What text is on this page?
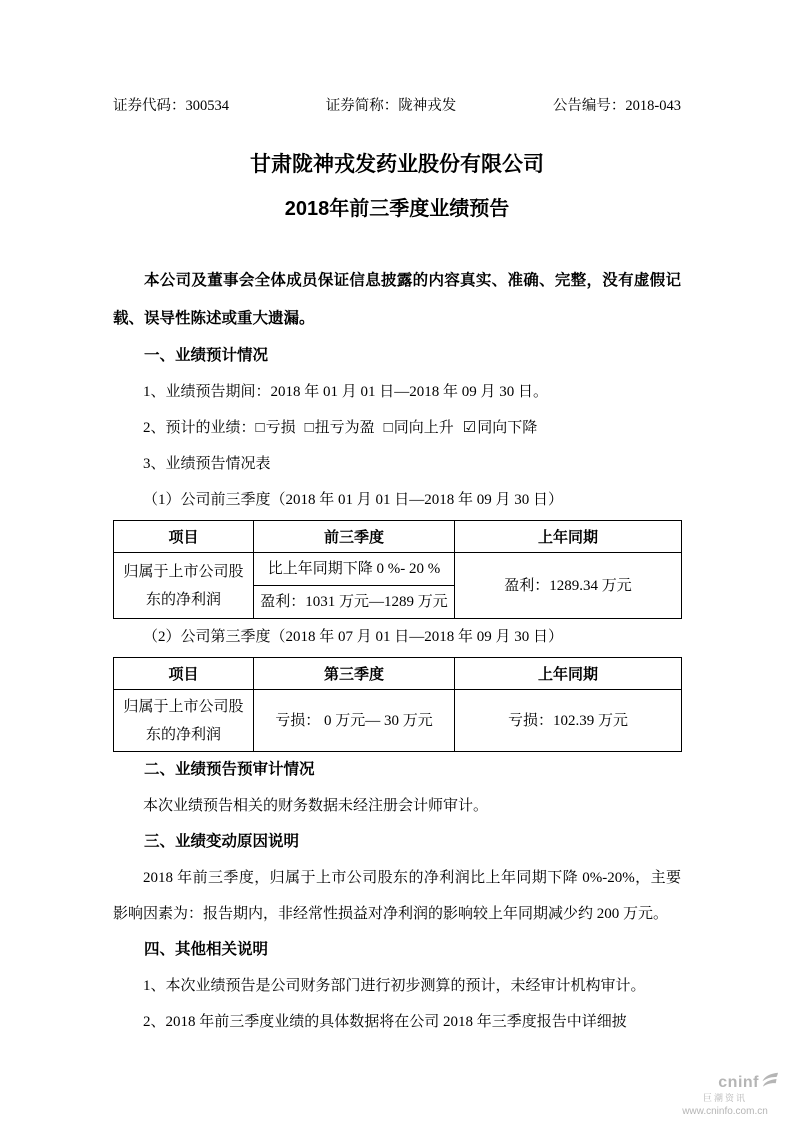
证券代码：300534	证券简称：陇神戎发	公告编号：2018-043
甘肃陇神戎发药业股份有限公司
2018年前三季度业绩预告

本公司及董事会全体成员保证信息披露的内容真实、准确、完整，没有虚假记载、误导性陈述或重大遗漏。

一、业绩预计情况

1、业绩预告期间：2018 年 01 月 01 日—2018 年 09 月 30 日。

2、预计的业绩：□亏损 □扭亏为盈 □同向上升 ☑同向下降

3、业绩预告情况表

（1）公司前三季度（2018 年 01 月 01 日—2018 年 09 月 30 日）

项目	前三季度	上年同期
归属于上市公司股东的净利润	比上年同期下降 0 %- 20 %	盈利：1289.34 万元
	盈利：1031 万元—1289 万元	

（2）公司第三季度（2018 年 07 月 01 日—2018 年 09 月 30 日）

项目	第三季度	上年同期
归属于上市公司股东的净利润	亏损： 0 万元— 30 万元	亏损：102.39 万元
二、业绩预告预审计情况

本次业绩预告相关的财务数据未经注册会计师审计。

三、业绩变动原因说明

2018 年前三季度，归属于上市公司股东的净利润比上年同期下降 0%-20%，主要影响因素为：报告期内，非经常性损益对净利润的影响较上年同期减少约 200 万元。

四、其他相关说明

1、本次业绩预告是公司财务部门进行初步测算的预计，未经审计机构审计。

2、2018 年前三季度业绩的具体数据将在公司 2018 年三季度报告中详细披

cninf
巨潮资讯
www.cninfo.com.cn
